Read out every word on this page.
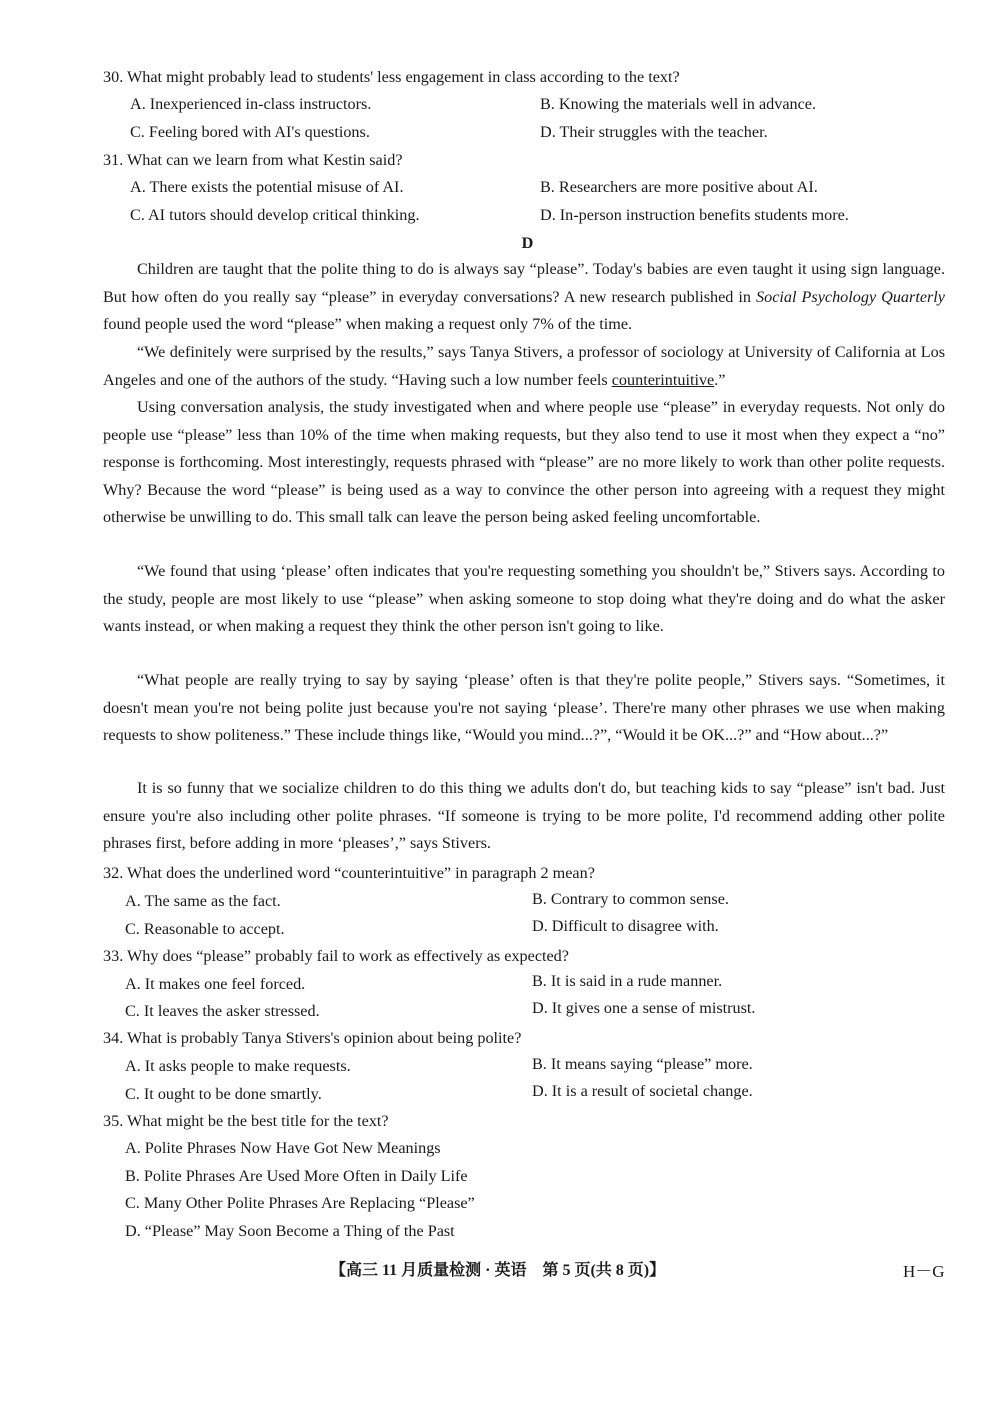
30. What might probably lead to students' less engagement in class according to the text?

A. Inexperienced in-class instructors.	B. Knowing the materials well in advance.

C. Feeling bored with AI's questions.	D. Their struggles with the teacher.

31. What can we learn from what Kestin said?

A. There exists the potential misuse of AI.	B. Researchers are more positive about AI.

C. AI tutors should develop critical thinking.	D. In-person instruction benefits students more.

D

Children are taught that the polite thing to do is always say “please”. Today's babies are even taught it using sign language. But how often do you really say “please” in everyday conversations? A new research published in Social Psychology Quarterly found people used the word “please” when making a request only 7% of the time.

“We definitely were surprised by the results,” says Tanya Stivers, a professor of sociology at University of California at Los Angeles and one of the authors of the study. “Having such a low number feels counterintuitive.”

Using conversation analysis, the study investigated when and where people use “please” in everyday requests. Not only do people use “please” less than 10% of the time when making requests, but they also tend to use it most when they expect a “no” response is forthcoming. Most interestingly, requests phrased with “please” are no more likely to work than other polite requests. Why? Because the word “please” is being used as a way to convince the other person into agreeing with a request they might otherwise be unwilling to do. This small talk can leave the person being asked feeling uncomfortable.

“We found that using ‘please’ often indicates that you're requesting something you shouldn't be,” Stivers says. According to the study, people are most likely to use “please” when asking someone to stop doing what they're doing and do what the asker wants instead, or when making a request they think the other person isn't going to like.

“What people are really trying to say by saying ‘please’ often is that they're polite people,” Stivers says. “Sometimes, it doesn't mean you're not being polite just because you're not saying ‘please’. There're many other phrases we use when making requests to show politeness.” These include things like, “Would you mind...?”, “Would it be OK...?” and “How about...?”

It is so funny that we socialize children to do this thing we adults don't do, but teaching kids to say “please” isn't bad. Just ensure you're also including other polite phrases. “If someone is trying to be more polite, I'd recommend adding other polite phrases first, before adding in more ‘pleases’,” says Stivers.

32. What does the underlined word “counterintuitive” in paragraph 2 mean?

A. The same as the fact.	B. Contrary to common sense.

C. Reasonable to accept.	D. Difficult to disagree with.

33. Why does “please” probably fail to work as effectively as expected?

A. It makes one feel forced.	B. It is said in a rude manner.

C. It leaves the asker stressed.	D. It gives one a sense of mistrust.

34. What is probably Tanya Stivers's opinion about being polite?

A. It asks people to make requests.	B. It means saying “please” more.

C. It ought to be done smartly.	D. It is a result of societal change.

35. What might be the best title for the text?

A. Polite Phrases Now Have Got New Meanings

B. Polite Phrases Are Used More Often in Daily Life

C. Many Other Polite Phrases Are Replacing “Please”

D. “Please” May Soon Become a Thing of the Past

【高三 11 月质量检测 · 英语　第 5 页(共 8 页)】	H－G
